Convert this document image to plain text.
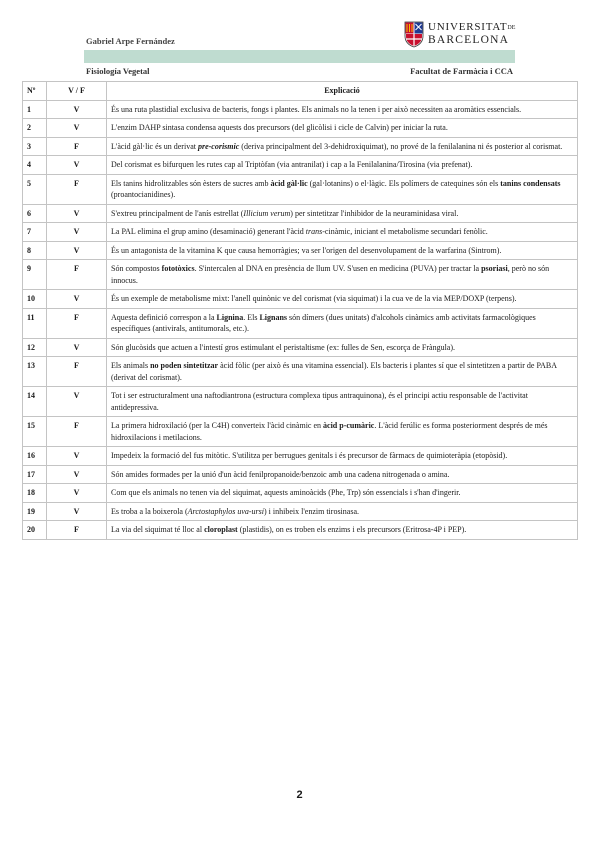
Gabriel Arpe Fernández
Fisiología Vegetal	Facultat de Farmàcia i CCA
UNIVERSITATDE
BARCELONA
Nº	V / F	Explicació
1	V	És una ruta plastidial exclusiva de bacteris, fongs i plantes. Els animals no la tenen i per això necessiten aa aromàtics essencials.
2	V	L'enzim DAHP sintasa condensa aquests dos precursors (del glicòlisi i cicle de Calvin) per iniciar la ruta.
3	F	L'àcid gàl·lic és un derivat pre-corismic (deriva principalment del 3-dehidroxiquimat), no prové de la fenilalanina ni és posterior al corismat.
4	V	Del corismat es bifurquen les rutes cap al Triptòfan (via antranilat) i cap a la Fenilalanina/Tirosina (via prefenat).
5	F	Els tanins hidrolitzables són èsters de sucres amb àcid gàl·lic (gal·lotanins) o el·làgic. Els polímers de catequines són els tanins condensats (proantocianidines).
6	V	S'extreu principalment de l'anís estrellat (Illicium verum) per sintetitzar l'inhibidor de la neuraminidasa viral.
7	V	La PAL elimina el grup amino (desaminació) generant l'àcid trans-cinàmic, iniciant el metabolisme secundari fenòlic.
8	V	És un antagonista de la vitamina K que causa hemorràgies; va ser l'origen del desenvolupament de la warfarina (Sintrom).
9	F	Són compostos fototòxics. S'intercalen al DNA en presència de llum UV. S'usen en medicina (PUVA) per tractar la psoriasi, però no són innocus.
10	V	És un exemple de metabolisme mixt: l'anell quinònic ve del corismat (via siquimat) i la cua ve de la via MEP/DOXP (terpens).
11	F	Aquesta definició correspon a la Lignina. Els Lignans són dímers (dues unitats) d'alcohols cinàmics amb activitats farmacològiques específiques (antivirals, antitumorals, etc.).
12	V	Són glucòsids que actuen a l'intestí gros estimulant el peristaltisme (ex: fulles de Sen, escorça de Fràngula).
13	F	Els animals no poden sintetitzar àcid fòlic (per això és una vitamina essencial). Els bacteris i plantes sí que el sintetitzen a partir de PABA (derivat del corismat).
14	V	Tot i ser estructuralment una naftodiantrona (estructura complexa tipus antraquinona), és el principi actiu responsable de l'activitat antidepressiva.
15	F	La primera hidroxilació (per la C4H) converteix l'àcid cinàmic en àcid p-cumàric. L'àcid ferúlic es forma posteriorment després de més hidroxilacions i metilacions.
16	V	Impedeix la formació del fus mitòtic. S'utilitza per berrugues genitals i és precursor de fàrmacs de quimioteràpia (etopòsid).
17	V	Són amides formades per la unió d'un àcid fenilpropanoide/benzoic amb una cadena nitrogenada o amina.
18	V	Com que els animals no tenen via del siquimat, aquests aminoàcids (Phe, Trp) són essencials i s'han d'ingerir.
19	V	Es troba a la boixerola (Arctostaphylos uva-ursi) i inhibeix l'enzim tirosinasa.
20	F	La via del siquimat té lloc al cloroplast (plastidis), on es troben els enzims i els precursors (Eritrosa-4P i PEP).
2
